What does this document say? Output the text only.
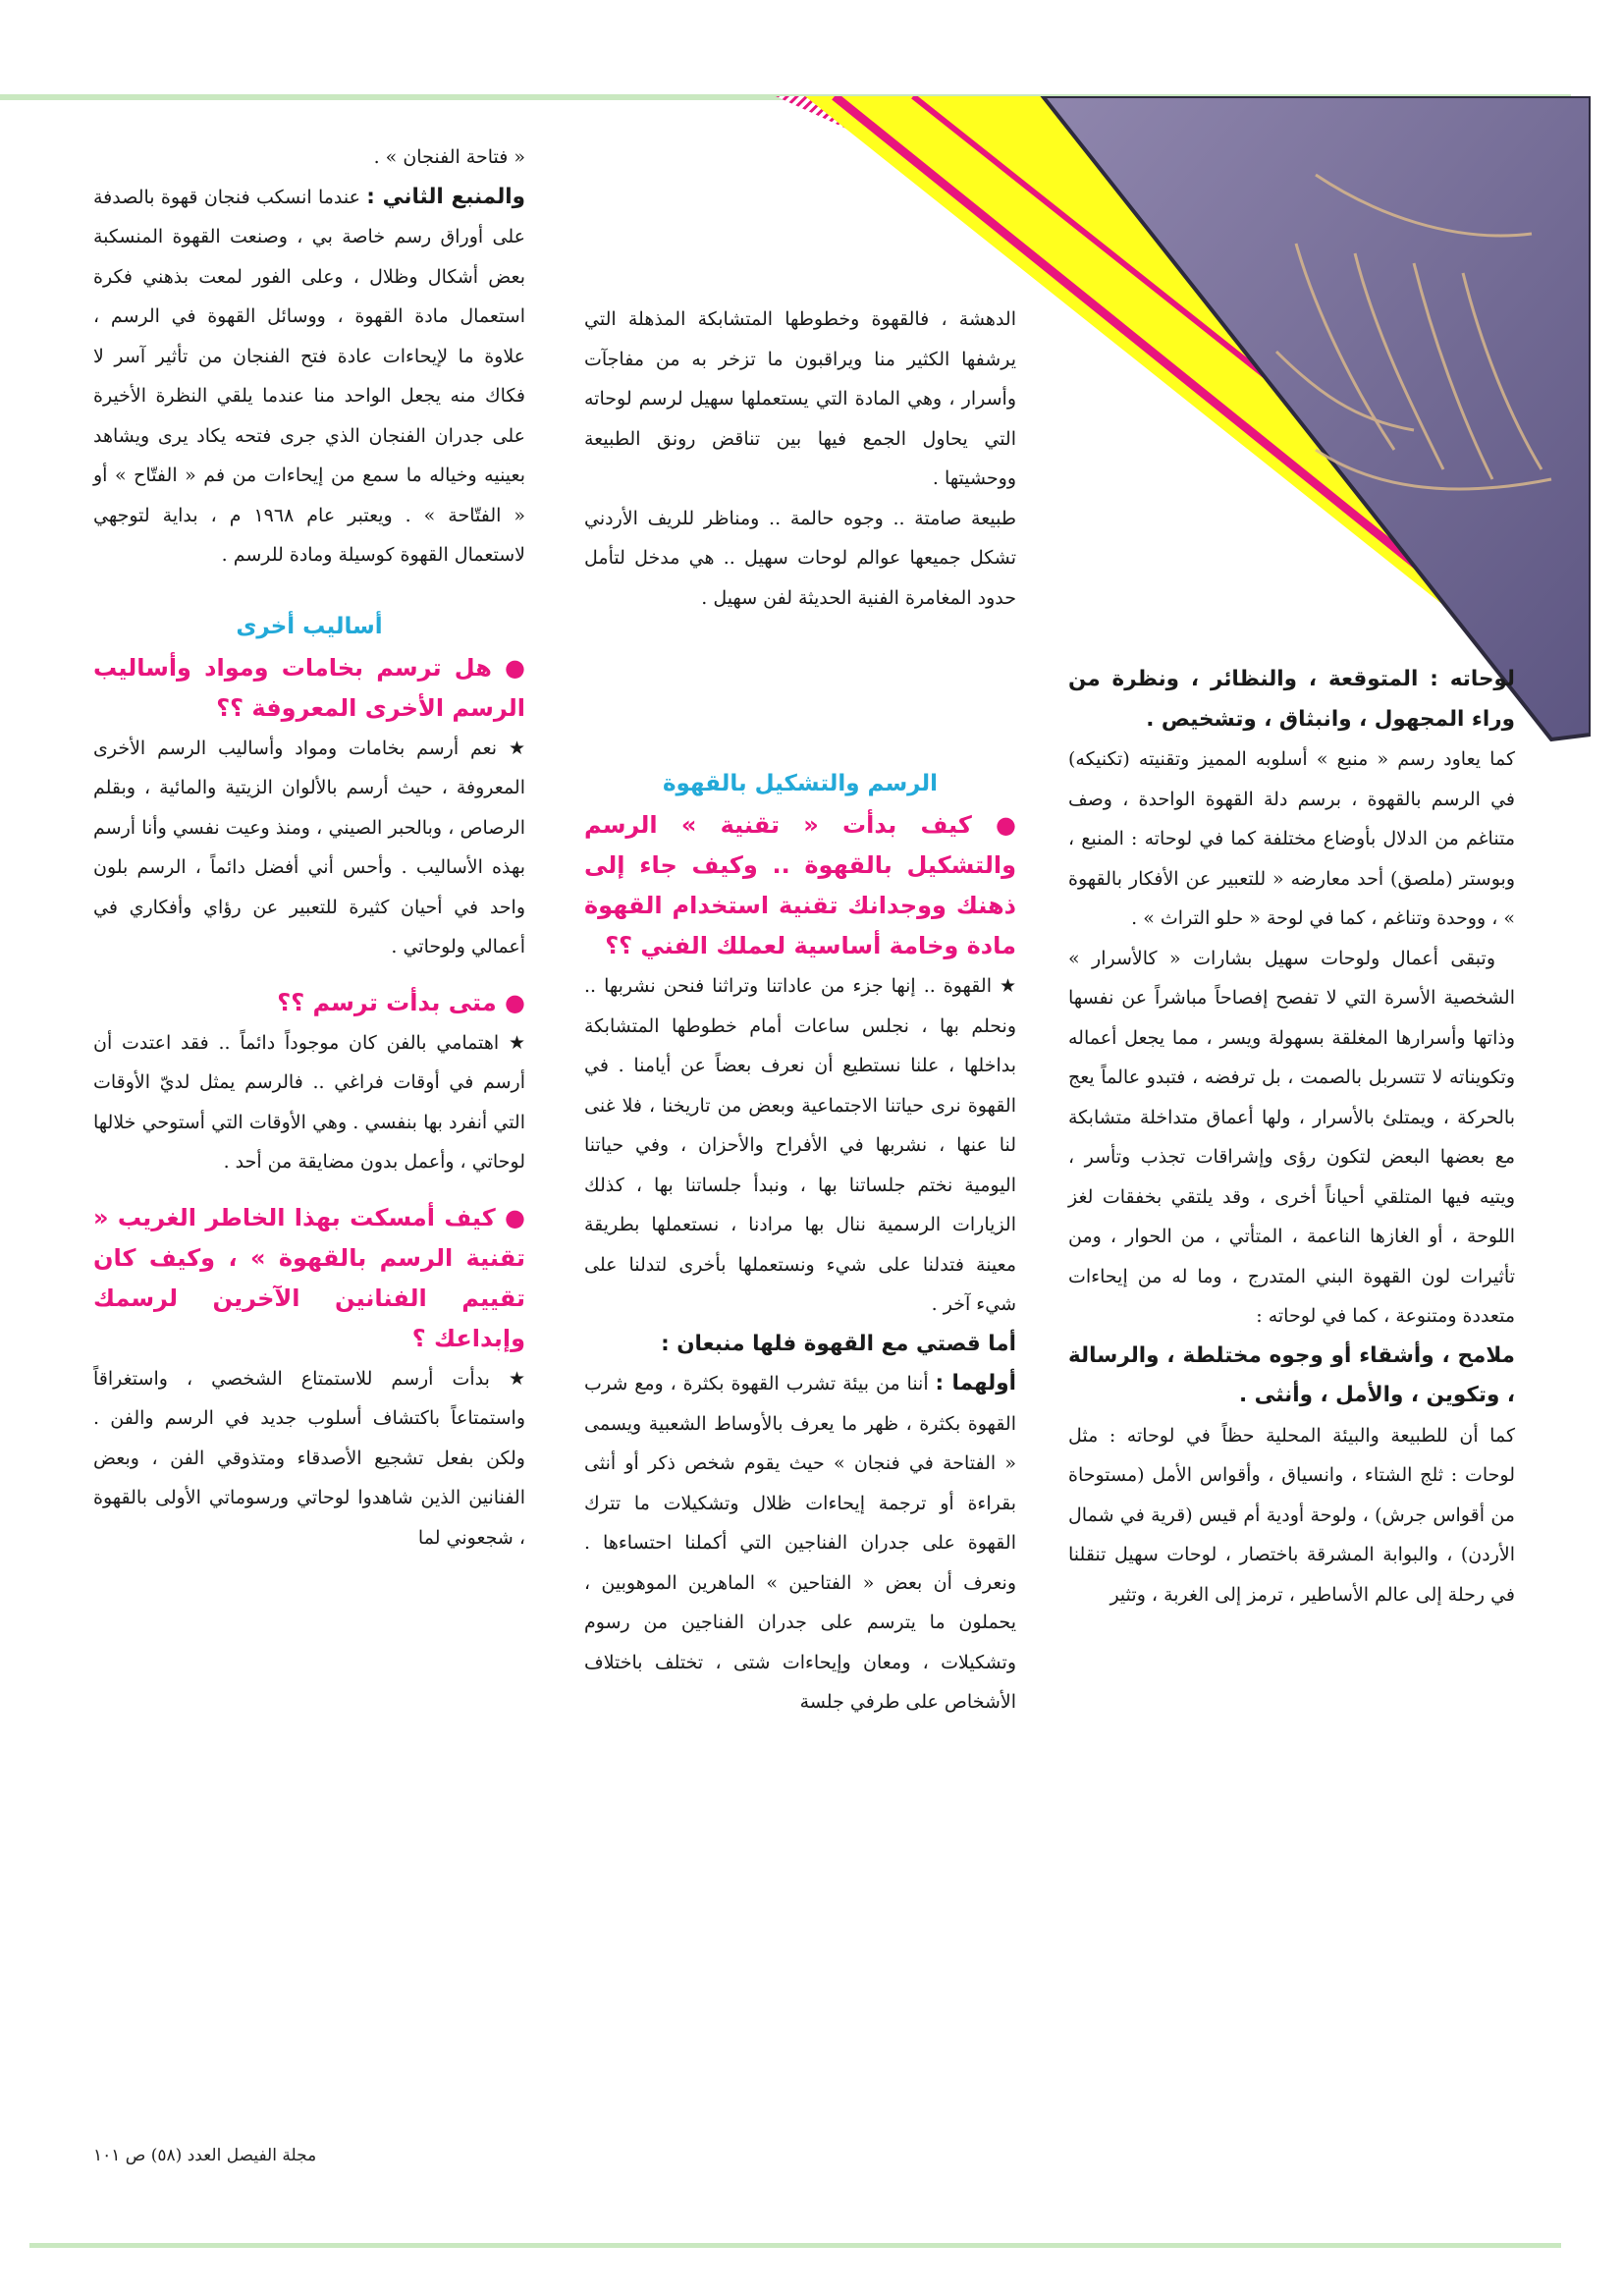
لوحاته : المتوقعة ، والنظائر ، ونظرة من وراء المجهول ، وانبثاق ، وتشخيص .

كما يعاود رسم « منبع » أسلوبه المميز وتقنيته (تكنيكه) في الرسم بالقهوة ، برسم دلة القهوة الواحدة ، وصف متناغم من الدلال بأوضاع مختلفة كما في لوحاته : المنبع ، وبوستر (ملصق) أحد معارضه « للتعبير عن الأفكار بالقهوة » ، ووحدة وتناغم ، كما في لوحة « حلو التراث » .

وتبقى أعمال ولوحات سهيل بشارات « كالأسرار » الشخصية الأسرة التي لا تفصح إفصاحاً مباشراً عن نفسها وذاتها وأسرارها المغلقة بسهولة ويسر ، مما يجعل أعماله وتكويناته لا تتسربل بالصمت ، بل ترفضه ، فتبدو عالماً يعج بالحركة ، ويمتلئ بالأسرار ، ولها أعماق متداخلة متشابكة مع بعضها البعض لتكون رؤى وإشراقات تجذب وتأسر ، ويتيه فيها المتلقي أحياناً أخرى ، وقد يلتقي بخفقات لغز اللوحة ، أو الغازها الناعمة ، المتأتي ، من الحوار ، ومن تأثيرات لون القهوة البني المتدرج ، وما له من إيحاءات متعددة ومتنوعة ، كما في لوحاته :

ملامح ، وأشقاء أو وجوه مختلطة ، والرسالة ، وتكوين ، والأمل ، وأنثى .

كما أن للطبيعة والبيئة المحلية حظاً في لوحاته : مثل لوحات : ثلج الشتاء ، وانسياق ، وأقواس الأمل (مستوحاة من أقواس جرش) ، ولوحة أودية أم قيس (قرية في شمال الأردن) ، والبوابة المشرقة باختصار ، لوحات سهيل تنقلنا في رحلة إلى عالم الأساطير ، ترمز إلى الغربة ، وتثير

الدهشة ، فالقهوة وخطوطها المتشابكة المذهلة التي يرشفها الكثير منا ويراقبون ما تزخر به من مفاجآت وأسرار ، وهي المادة التي يستعملها سهيل لرسم لوحاته التي يحاول الجمع فيها بين تناقض رونق الطبيعة ووحشيتها .

طبيعة صامتة .. وجوه حالمة .. ومناظر للريف الأردني تشكل جميعها عوالم لوحات سهيل .. هي مدخل لتأمل حدود المغامرة الفنية الحديثة لفن سهيل .

الرسم والتشكيل بالقهوة

● كيف بدأت « تقنية » الرسم والتشكيل بالقهوة .. وكيف جاء إلى ذهنك ووجدانك تقنية استخدام القهوة مادة وخامة أساسية لعملك الفني ؟؟

★ القهوة .. إنها جزء من عاداتنا وتراثنا فنحن نشربها .. ونحلم بها ، نجلس ساعات أمام خطوطها المتشابكة بداخلها ، علنا نستطيع أن نعرف بعضاً عن أيامنا . في القهوة نرى حياتنا الاجتماعية وبعض من تاريخنا ، فلا غنى لنا عنها ، نشربها في الأفراح والأحزان ، وفي حياتنا اليومية نختم جلساتنا بها ، ونبدأ جلساتنا بها ، كذلك الزيارات الرسمية ننال بها مرادنا ، نستعملها بطريقة معينة فتدلنا على شيء ونستعملها بأخرى لتدلنا على شيء آخر .

أما قصتي مع القهوة فلها منبعان :

أولهما : أننا من بيئة تشرب القهوة بكثرة ، ومع شرب القهوة بكثرة ، ظهر ما يعرف بالأوساط الشعبية ويسمى « الفتاحة في فنجان » حيث يقوم شخص ذكر أو أنثى بقراءة أو ترجمة إيحاءات ظلال وتشكيلات ما تترك القهوة على جدران الفناجين التي أكملنا احتساءها . ونعرف أن بعض « الفتاحين » الماهرين الموهوبين ، يحملون ما يترسم على جدران الفناجين من رسوم وتشكيلات ، ومعان وإيحاءات شتى ، تختلف باختلاف الأشخاص على طرفي جلسة

« فتاحة الفنجان » .

والمنبع الثاني : عندما انسكب فنجان قهوة بالصدفة على أوراق رسم خاصة بي ، وصنعت القهوة المنسكبة بعض أشكال وظلال ، وعلى الفور لمعت بذهني فكرة استعمال مادة القهوة ، ووسائل القهوة في الرسم ، علاوة ما لإيحاءات عادة فتح الفنجان من تأثير آسر لا فكاك منه يجعل الواحد منا عندما يلقي النظرة الأخيرة على جدران الفنجان الذي جرى فتحه يكاد يرى ويشاهد بعينيه وخياله ما سمع من إيحاءات من فم « الفتّاح » أو « الفتّاحة » . ويعتبر عام ١٩٦٨ م ، بداية لتوجهي لاستعمال القهوة كوسيلة ومادة للرسم .

أساليب أخرى

● هل ترسم بخامات ومواد وأساليب الرسم الأخرى المعروفة ؟؟

★ نعم أرسم بخامات ومواد وأساليب الرسم الأخرى المعروفة ، حيث أرسم بالألوان الزيتية والمائية ، وبقلم الرصاص ، وبالحبر الصيني ، ومنذ وعيت نفسي وأنا أرسم بهذه الأساليب . وأحس أني أفضل دائماً ، الرسم بلون واحد في أحيان كثيرة للتعبير عن رؤاي وأفكاري في أعمالي ولوحاتي .

● متى بدأت ترسم ؟؟

★ اهتمامي بالفن كان موجوداً دائماً .. فقد اعتدت أن أرسم في أوقات فراغي .. فالرسم يمثل لديّ الأوقات التي أنفرد بها بنفسي . وهي الأوقات التي أستوحي خلالها لوحاتي ، وأعمل بدون مضايقة من أحد .

● كيف أمسكت بهذا الخاطر الغريب « تقنية الرسم بالقهوة » ، وكيف كان تقييم الفنانين الآخرين لرسمك وإبداعك ؟

★ بدأت أرسم للاستمتاع الشخصي ، واستغراقاً واستمتاعاً باكتشاف أسلوب جديد في الرسم والفن . ولكن بفعل تشجيع الأصدقاء ومتذوقي الفن ، وبعض الفنانين الذين شاهدوا لوحاتي ورسوماتي الأولى بالقهوة ، شجعوني لما

مجلة الفيصل العدد (٥٨) ص ١٠١
